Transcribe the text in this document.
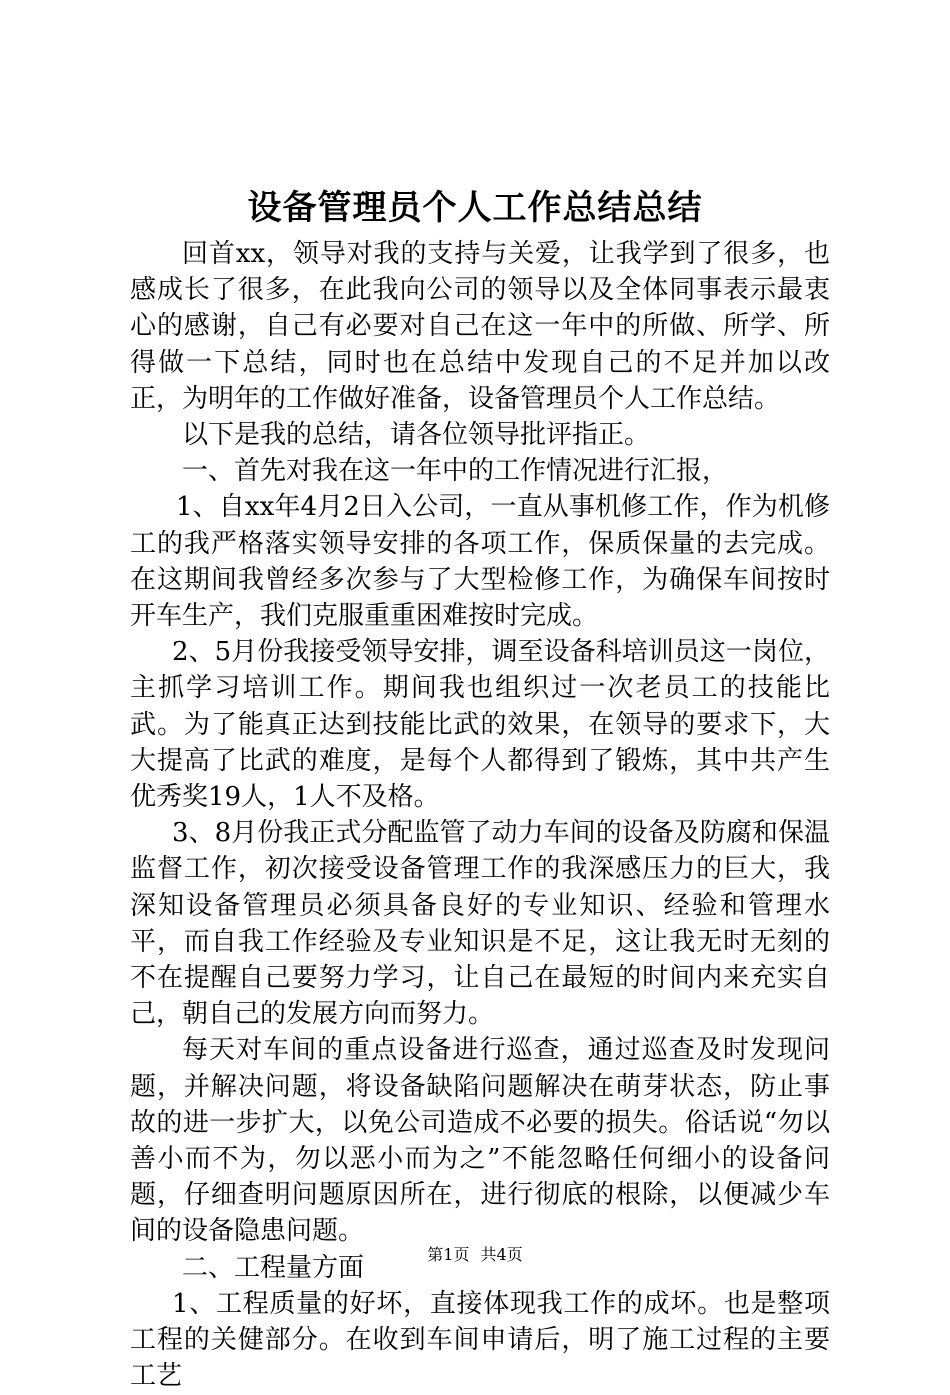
设备管理员个人工作总结总结

回首xx，领导对我的支持与关爱，让我学到了很多，也感成长了很多，在此我向公司的领导以及全体同事表示最衷心的感谢，自己有必要对自己在这一年中的所做、所学、所得做一下总结，同时也在总结中发现自己的不足并加以改正，为明年的工作做好准备，设备管理员个人工作总结。

以下是我的总结，请各位领导批评指正。

一、首先对我在这一年中的工作情况进行汇报，

1、自xx年4月2日入公司，一直从事机修工作，作为机修工的我严格落实领导安排的各项工作，保质保量的去完成。在这期间我曾经多次参与了大型检修工作，为确保车间按时开车生产，我们克服重重困难按时完成。

2、5月份我接受领导安排，调至设备科培训员这一岗位，主抓学习培训工作。期间我也组织过一次老员工的技能比武。为了能真正达到技能比武的效果，在领导的要求下，大大提高了比武的难度，是每个人都得到了锻炼，其中共产生优秀奖19人，1人不及格。

3、8月份我正式分配监管了动力车间的设备及防腐和保温监督工作，初次接受设备管理工作的我深感压力的巨大，我深知设备管理员必须具备良好的专业知识、经验和管理水平，而自我工作经验及专业知识是不足，这让我无时无刻的不在提醒自己要努力学习，让自己在最短的时间内来充实自己，朝自己的发展方向而努力。

每天对车间的重点设备进行巡查，通过巡查及时发现问题，并解决问题，将设备缺陷问题解决在萌芽状态，防止事故的进一步扩大，以免公司造成不必要的损失。俗话说“勿以善小而不为，勿以恶小而为之”不能忽略任何细小的设备问题，仔细查明问题原因所在，进行彻底的根除，以便减少车间的设备隐患问题。

二、工程量方面

1、工程质量的好坏，直接体现我工作的成坏。也是整项工程的关健部分。在收到车间申请后，明了施工过程的主要工艺

第1页 共4页
